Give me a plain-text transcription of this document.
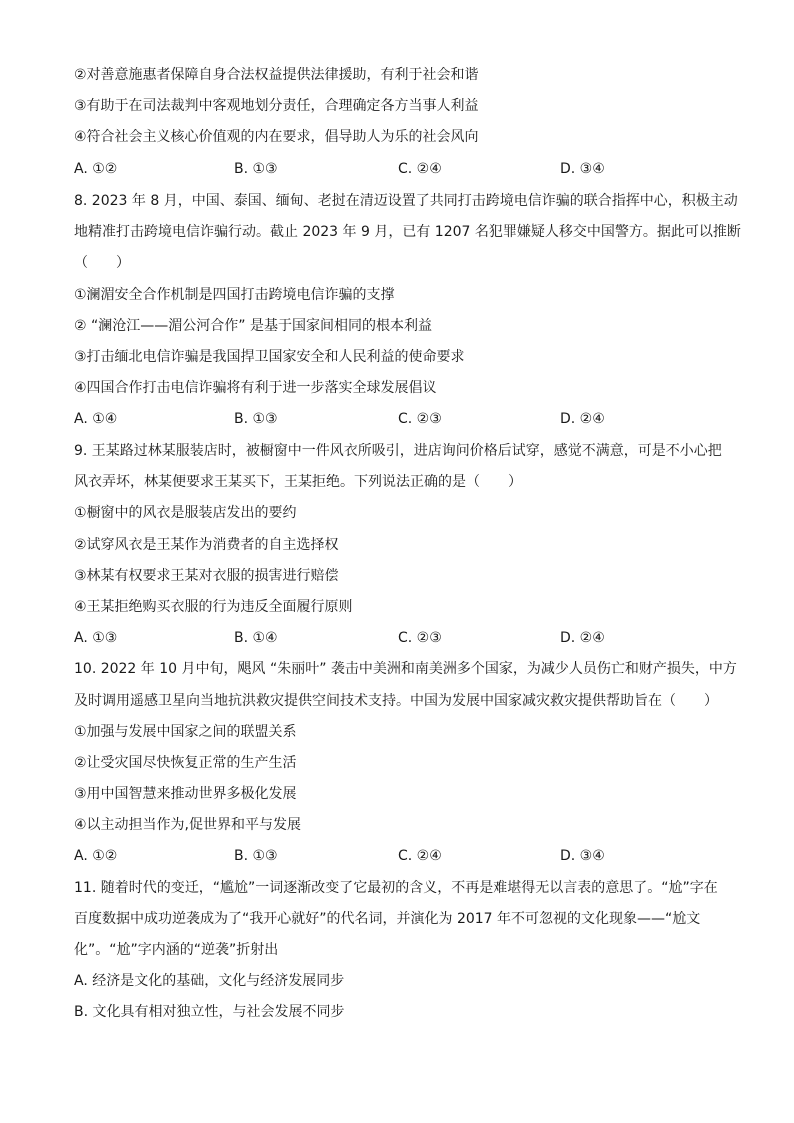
②对善意施惠者保障自身合法权益提供法律援助，有利于社会和谐
③有助于在司法裁判中客观地划分责任，合理确定各方当事人利益
④符合社会主义核心价值观的内在要求，倡导助人为乐的社会风向
A. ①②	B. ①③	C. ②④	D. ③④
8. 2023 年 8 月，中国、泰国、缅甸、老挝在清迈设置了共同打击跨境电信诈骗的联合指挥中心，积极主动
地精准打击跨境电信诈骗行动。截止 2023 年 9 月，已有 1207 名犯罪嫌疑人移交中国警方。据此可以推断
（　　）
①澜湄安全合作机制是四国打击跨境电信诈骗的支撑
② “澜沧江——湄公河合作” 是基于国家间相同的根本利益
③打击缅北电信诈骗是我国捍卫国家安全和人民利益的使命要求
④四国合作打击电信诈骗将有利于进一步落实全球发展倡议
A. ①④	B. ①③	C. ②③	D. ②④
9. 王某路过林某服装店时，被橱窗中一件风衣所吸引，进店询问价格后试穿，感觉不满意，可是不小心把
风衣弄坏，林某便要求王某买下，王某拒绝。下列说法正确的是（　　）
①橱窗中的风衣是服装店发出的要约
②试穿风衣是王某作为消费者的自主选择权
③林某有权要求王某对衣服的损害进行赔偿
④王某拒绝购买衣服的行为违反全面履行原则
A. ①③	B. ①④	C. ②③	D. ②④
10. 2022 年 10 月中旬，飓风 “朱丽叶” 袭击中美洲和南美洲多个国家，为减少人员伤亡和财产损失，中方
及时调用遥感卫星向当地抗洪救灾提供空间技术支持。中国为发展中国家减灾救灾提供帮助旨在（　　）
①加强与发展中国家之间的联盟关系
②让受灾国尽快恢复正常的生产生活
③用中国智慧来推动世界多极化发展
④以主动担当作为,促世界和平与发展
A. ①②	B. ①③	C. ②④	D. ③④
11. 随着时代的变迁，“尴尬”一词逐渐改变了它最初的含义，不再是难堪得无以言表的意思了。“尬”字在
百度数据中成功逆袭成为了“我开心就好”的代名词，并演化为 2017 年不可忽视的文化现象——“尬文
化”。“尬”字内涵的“逆袭”折射出
A. 经济是文化的基础，文化与经济发展同步
B. 文化具有相对独立性，与社会发展不同步
